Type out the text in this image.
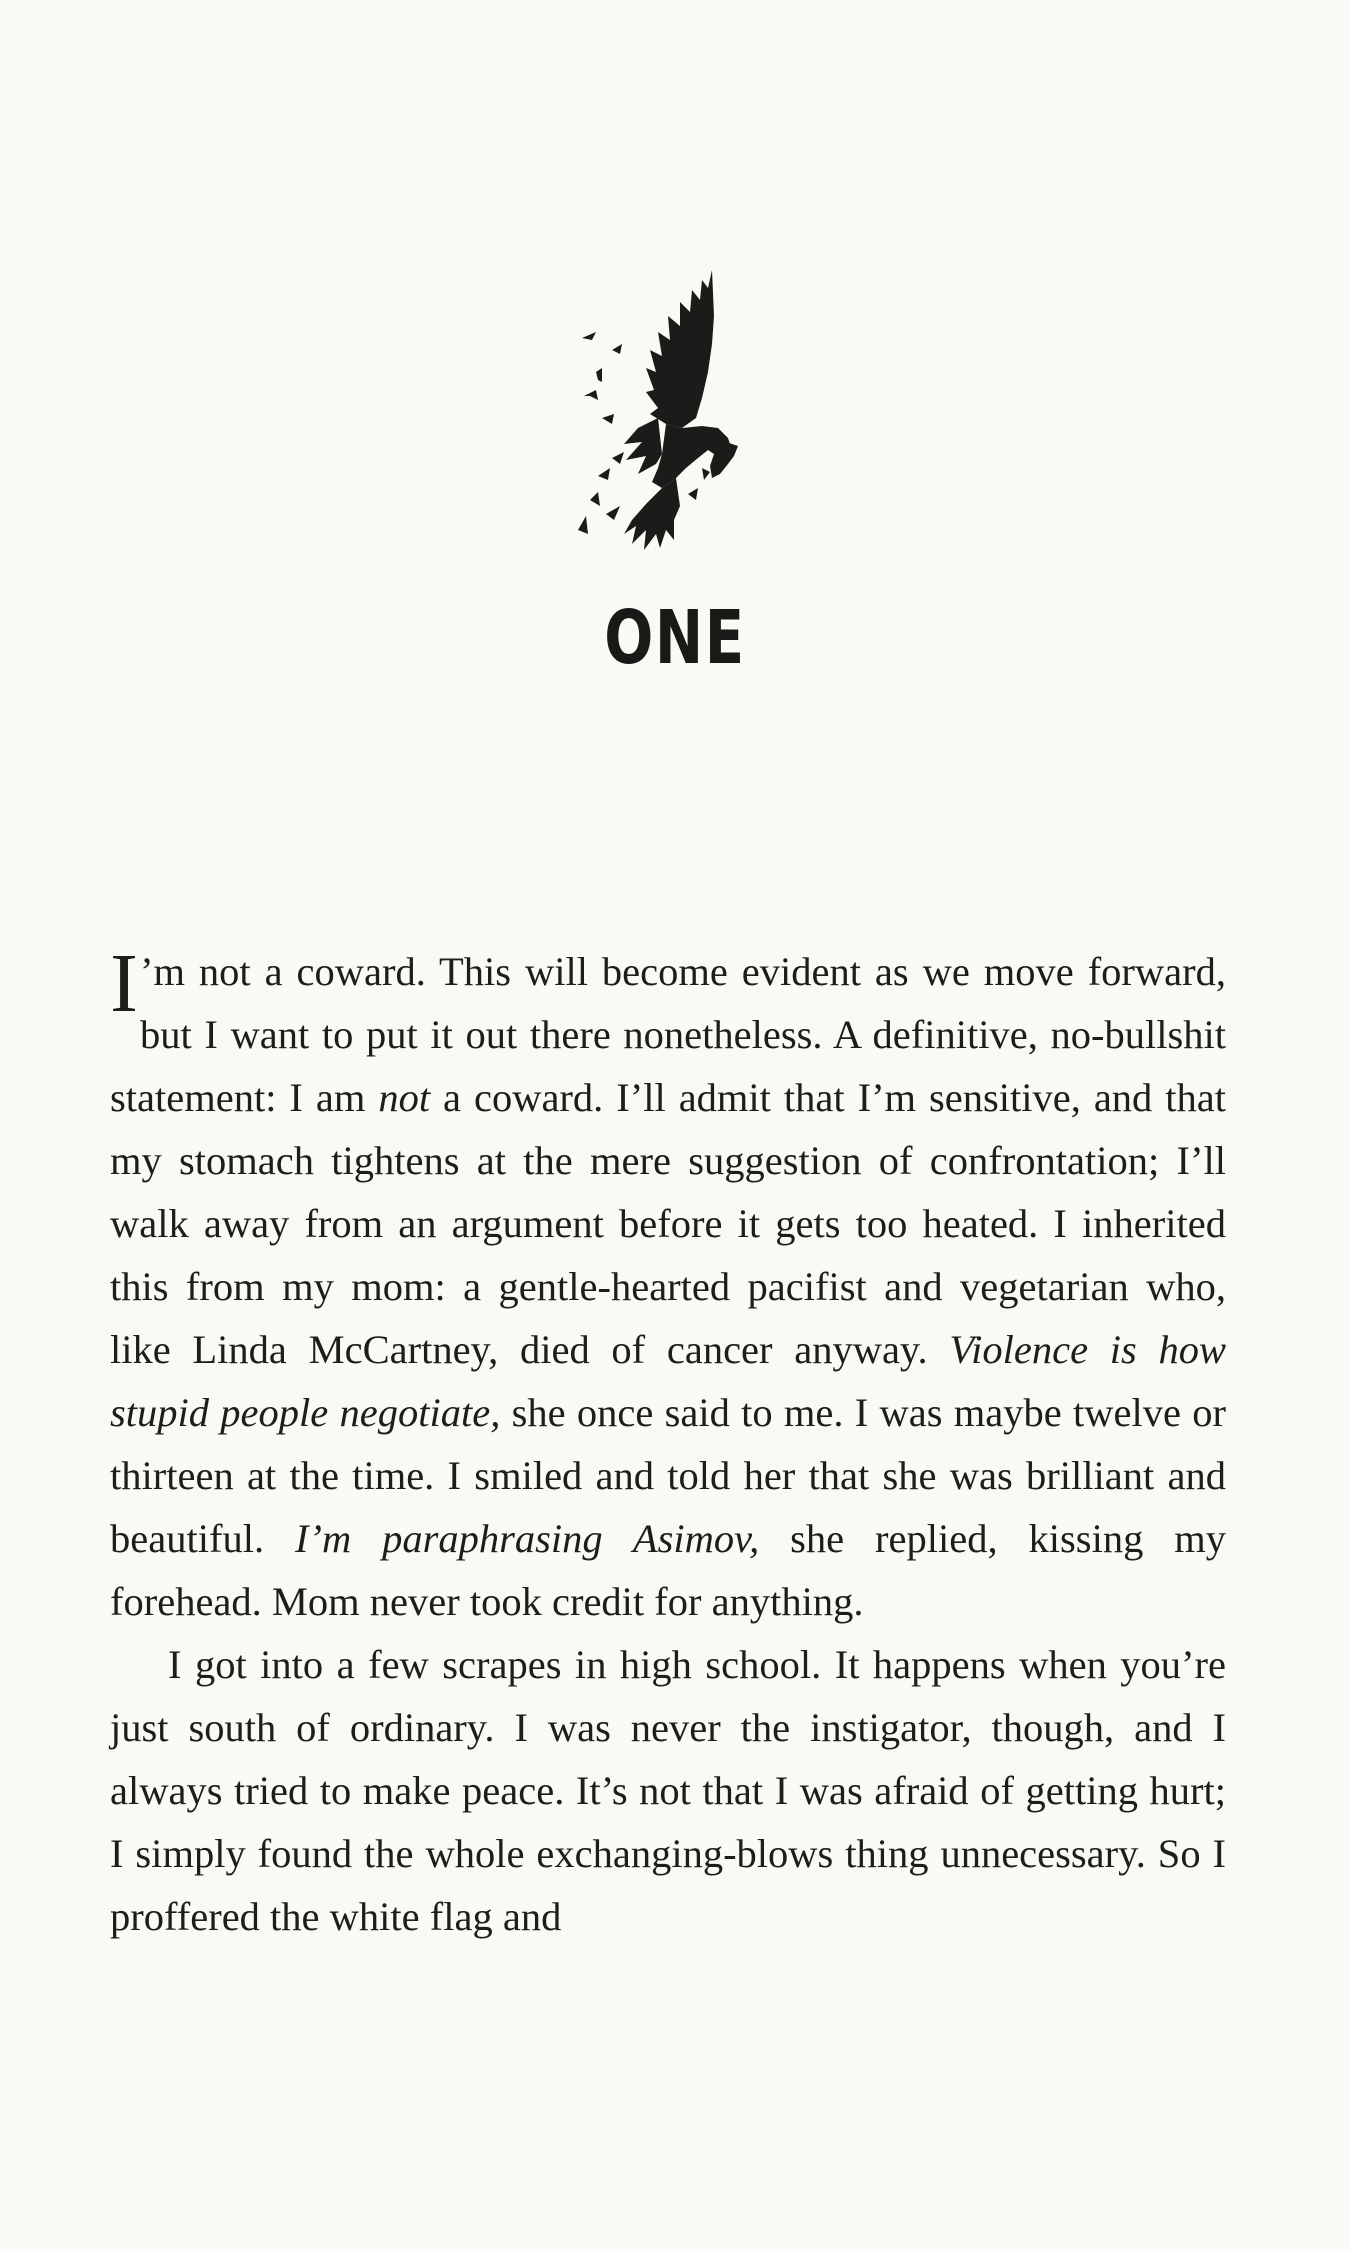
ONE

I ’m not a coward. This will become evident as we move forward, but I want to put it out there nonetheless. A definitive, no-bullshit statement: I am not a coward. I’ll admit that I’m sensitive, and that my stomach tightens at the mere suggestion of confrontation; I’ll walk away from an argument before it gets too heated. I inherited this from my mom: a gentle-hearted pacifist and vegetarian who, like Linda McCartney, died of cancer anyway. Violence is how stupid people negotiate, she once said to me. I was maybe twelve or thirteen at the time. I smiled and told her that she was brilliant and beautiful. I’m paraphrasing Asimov, she replied, kissing my forehead. Mom never took credit for anything.

I got into a few scrapes in high school. It happens when you’re just south of ordinary. I was never the instigator, though, and I always tried to make peace. It’s not that I was afraid of getting hurt; I simply found the whole exchanging-blows thing unnecessary. So I proffered the white flag and
